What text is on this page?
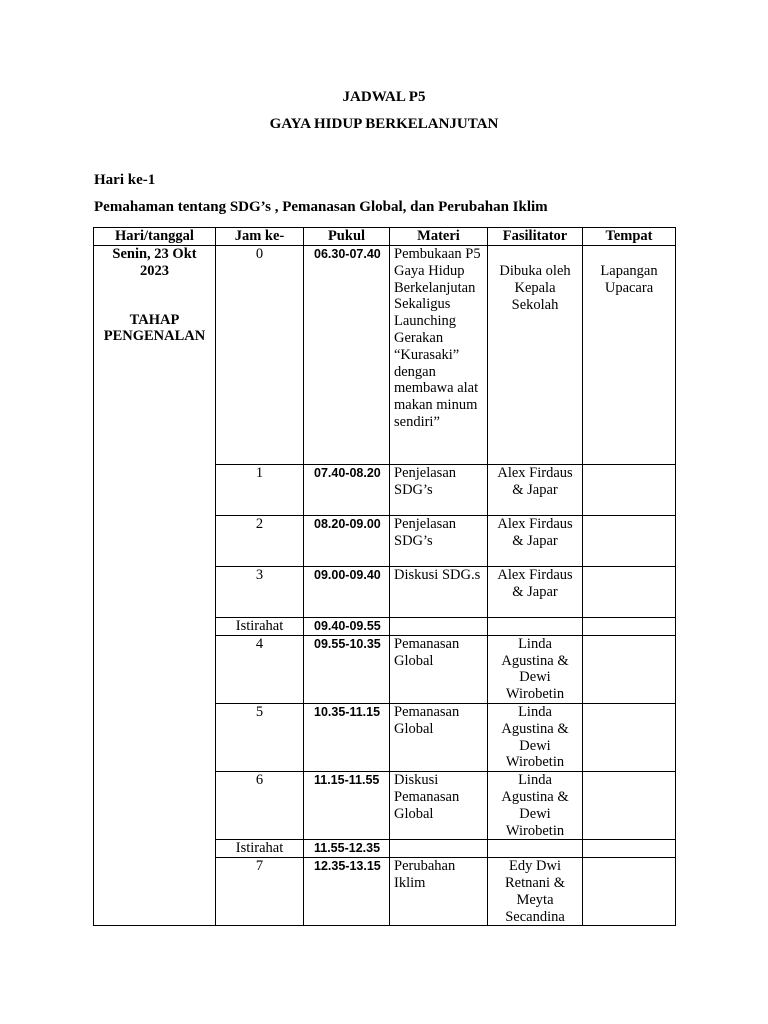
JADWAL P5
GAYA HIDUP BERKELANJUTAN
Hari ke-1
Pemahaman tentang SDG’s , Pemanasan Global, dan Perubahan Iklim
Hari/tanggal	Jam ke-	Pukul	Materi	Fasilitator	Tempat
Senin, 23 Okt 2023
TAHAP PENGENALAN	0	06.30-07.40	Pembukaan P5 Gaya Hidup Berkelanjutan Sekaligus Launching Gerakan “Kurasaki” dengan membawa alat makan minum sendiri”	Dibuka oleh Kepala Sekolah	Lapangan Upacara
	1	07.40-08.20	Penjelasan SDG’s	Alex Firdaus & Japar	
	2	08.20-09.00	Penjelasan SDG’s	Alex Firdaus & Japar	
	3	09.00-09.40	Diskusi SDG.s	Alex Firdaus & Japar	
	Istirahat	09.40-09.55			
	4	09.55-10.35	Pemanasan Global	Linda Agustina & Dewi Wirobetin	
	5	10.35-11.15	Pemanasan Global	Linda Agustina & Dewi Wirobetin	
	6	11.15-11.55	Diskusi Pemanasan Global	Linda Agustina & Dewi Wirobetin	
	Istirahat	11.55-12.35			
	7	12.35-13.15	Perubahan Iklim	Edy Dwi Retnani & Meyta Secandina	
